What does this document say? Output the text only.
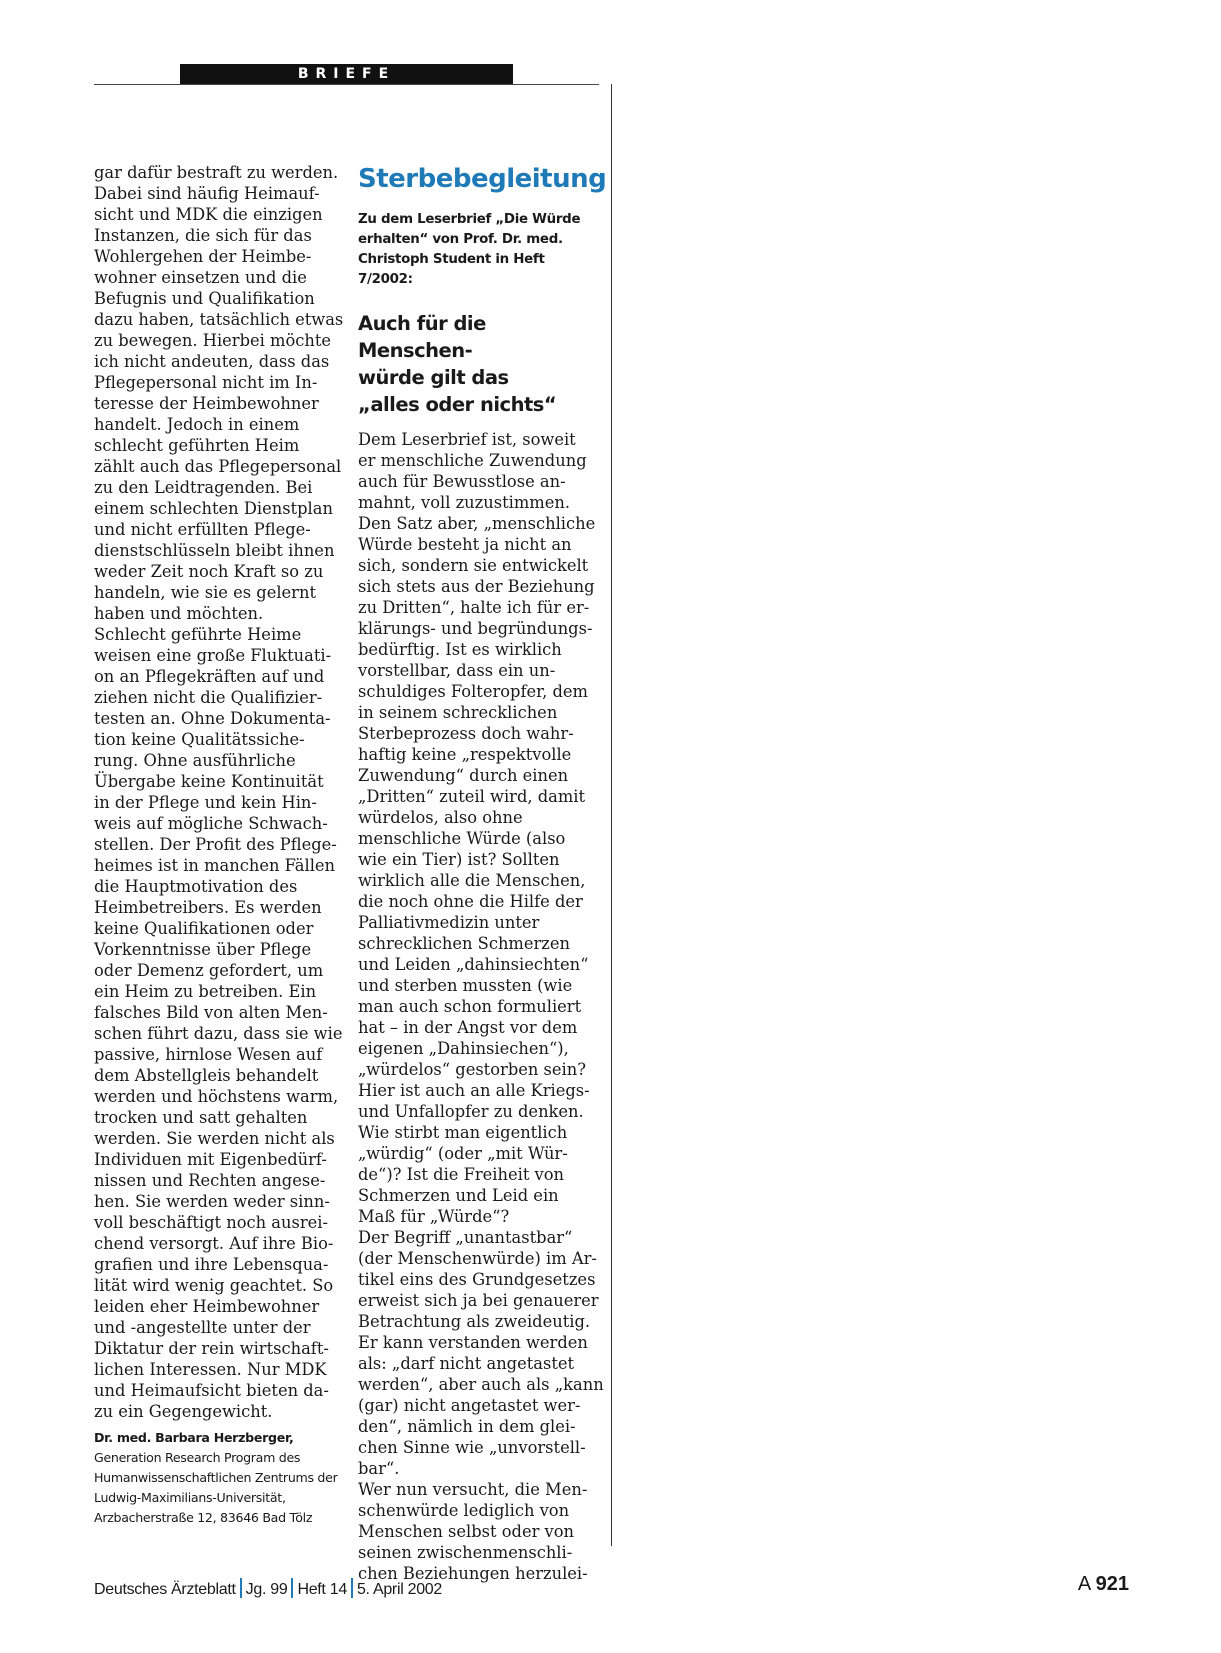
BRIEFE
gar dafür bestraft zu werden.
Dabei sind häufig Heimauf-
sicht und MDK die einzigen
Instanzen, die sich für das
Wohlergehen der Heimbe-
wohner einsetzen und die
Befugnis und Qualifikation
dazu haben, tatsächlich etwas
zu bewegen. Hierbei möchte
ich nicht andeuten, dass das
Pflegepersonal nicht im In-
teresse der Heimbewohner
handelt. Jedoch in einem
schlecht geführten Heim
zählt auch das Pflegepersonal
zu den Leidtragenden. Bei
einem schlechten Dienstplan
und nicht erfüllten Pflege-
dienstschlüsseln bleibt ihnen
weder Zeit noch Kraft so zu
handeln, wie sie es gelernt
haben und möchten.
Schlecht geführte Heime
weisen eine große Fluktuati-
on an Pflegekräften auf und
ziehen nicht die Qualifizier-
testen an. Ohne Dokumenta-
tion keine Qualitätssiche-
rung. Ohne ausführliche
Übergabe keine Kontinuität
in der Pflege und kein Hin-
weis auf mögliche Schwach-
stellen. Der Profit des Pflege-
heimes ist in manchen Fällen
die Hauptmotivation des
Heimbetreibers. Es werden
keine Qualifikationen oder
Vorkenntnisse über Pflege
oder Demenz gefordert, um
ein Heim zu betreiben. Ein
falsches Bild von alten Men-
schen führt dazu, dass sie wie
passive, hirnlose Wesen auf
dem Abstellgleis behandelt
werden und höchstens warm,
trocken und satt gehalten
werden. Sie werden nicht als
Individuen mit Eigenbedürf-
nissen und Rechten angese-
hen. Sie werden weder sinn-
voll beschäftigt noch ausrei-
chend versorgt. Auf ihre Bio-
grafien und ihre Lebensqua-
lität wird wenig geachtet. So
leiden eher Heimbewohner
und -angestellte unter der
Diktatur der rein wirtschaft-
lichen Interessen. Nur MDK
und Heimaufsicht bieten da-
zu ein Gegengewicht.
Dr. med. Barbara Herzberger,
Generation Research Program des
Humanwissenschaftlichen Zentrums der
Ludwig-Maximilians-Universität,
Arzbacherstraße 12, 83646 Bad Tölz
Sterbebegleitung
Zu dem Leserbrief „Die Würde
erhalten“ von Prof. Dr. med.
Christoph Student in Heft 7/2002:
Auch für die Menschen-
würde gilt das
„alles oder nichts“
Dem Leserbrief ist, soweit
er menschliche Zuwendung
auch für Bewusstlose an-
mahnt, voll zuzustimmen.
Den Satz aber, „menschliche
Würde besteht ja nicht an
sich, sondern sie entwickelt
sich stets aus der Beziehung
zu Dritten“, halte ich für er-
klärungs- und begründungs-
bedürftig. Ist es wirklich
vorstellbar, dass ein un-
schuldiges Folteropfer, dem
in seinem schrecklichen
Sterbeprozess doch wahr-
haftig keine „respektvolle
Zuwendung“ durch einen
„Dritten“ zuteil wird, damit
würdelos, also ohne
menschliche Würde (also
wie ein Tier) ist? Sollten
wirklich alle die Menschen,
die noch ohne die Hilfe der
Palliativmedizin unter
schrecklichen Schmerzen
und Leiden „dahinsiechten“
und sterben mussten (wie
man auch schon formuliert
hat – in der Angst vor dem
eigenen „Dahinsiechen“),
„würdelos“ gestorben sein?
Hier ist auch an alle Kriegs-
und Unfallopfer zu denken.
Wie stirbt man eigentlich
„würdig“ (oder „mit Wür-
de“)? Ist die Freiheit von
Schmerzen und Leid ein
Maß für „Würde“?
Der Begriff „unantastbar“
(der Menschenwürde) im Ar-
tikel eins des Grundgesetzes
erweist sich ja bei genauerer
Betrachtung als zweideutig.
Er kann verstanden werden
als: „darf nicht angetastet
werden“, aber auch als „kann
(gar) nicht angetastet wer-
den“, nämlich in dem glei-
chen Sinne wie „unvorstell-
bar“.
Wer nun versucht, die Men-
schenwürde lediglich von
Menschen selbst oder von
seinen zwischenmenschli-
chen Beziehungen herzulei-
Deutsches Ärzteblatt Jg. 99 Heft 14 5. April 2002	A 921
